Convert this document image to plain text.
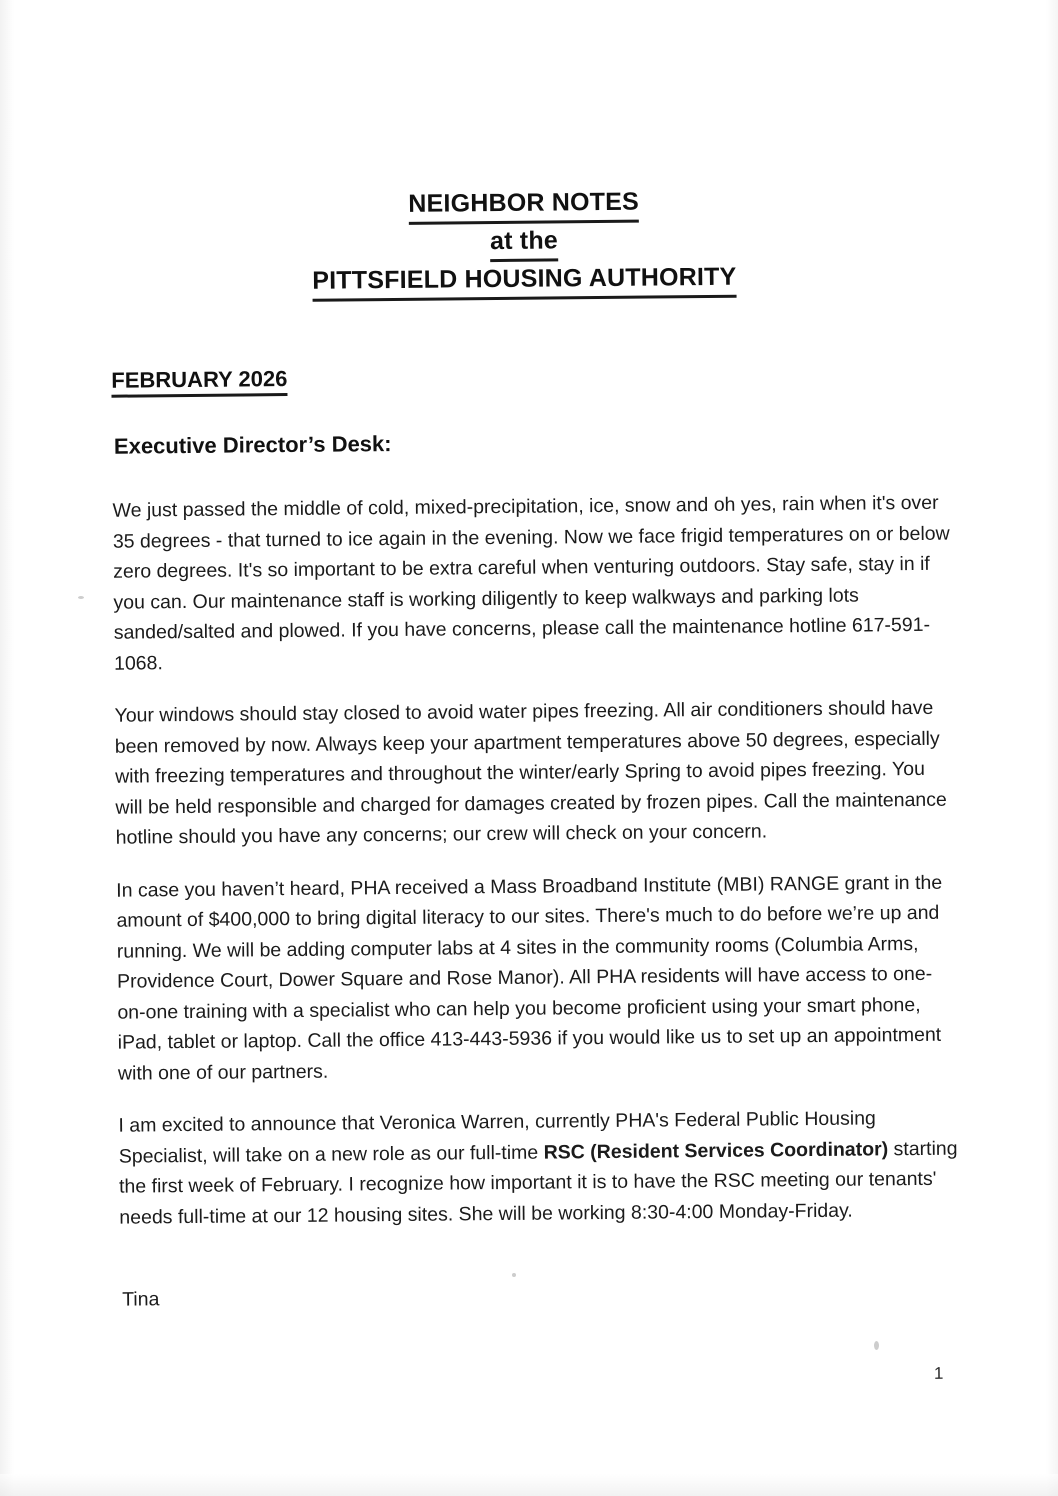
NEIGHBOR NOTES
at the
PITTSFIELD HOUSING AUTHORITY
FEBRUARY 2026
Executive Director’s Desk:

We just passed the middle of cold, mixed-precipitation, ice, snow and oh yes, rain when it's over 35 degrees - that turned to ice again in the evening. Now we face frigid temperatures on or below zero degrees. It's so important to be extra careful when venturing outdoors. Stay safe, stay in if you can. Our maintenance staff is working diligently to keep walkways and parking lots sanded/salted and plowed. If you have concerns, please call the maintenance hotline 617-591-1068.

Your windows should stay closed to avoid water pipes freezing. All air conditioners should have been removed by now. Always keep your apartment temperatures above 50 degrees, especially with freezing temperatures and throughout the winter/early Spring to avoid pipes freezing. You will be held responsible and charged for damages created by frozen pipes. Call the maintenance hotline should you have any concerns; our crew will check on your concern.

In case you haven’t heard, PHA received a Mass Broadband Institute (MBI) RANGE grant in the amount of $400,000 to bring digital literacy to our sites. There's much to do before we’re up and running. We will be adding computer labs at 4 sites in the community rooms (Columbia Arms, Providence Court, Dower Square and Rose Manor). All PHA residents will have access to one-on-one training with a specialist who can help you become proficient using your smart phone, iPad, tablet or laptop. Call the office 413-443-5936 if you would like us to set up an appointment with one of our partners.

I am excited to announce that Veronica Warren, currently PHA's Federal Public Housing Specialist, will take on a new role as our full-time RSC (Resident Services Coordinator) starting the first week of February. I recognize how important it is to have the RSC meeting our tenants' needs full-time at our 12 housing sites. She will be working 8:30-4:00 Monday-Friday.

Tina
1
